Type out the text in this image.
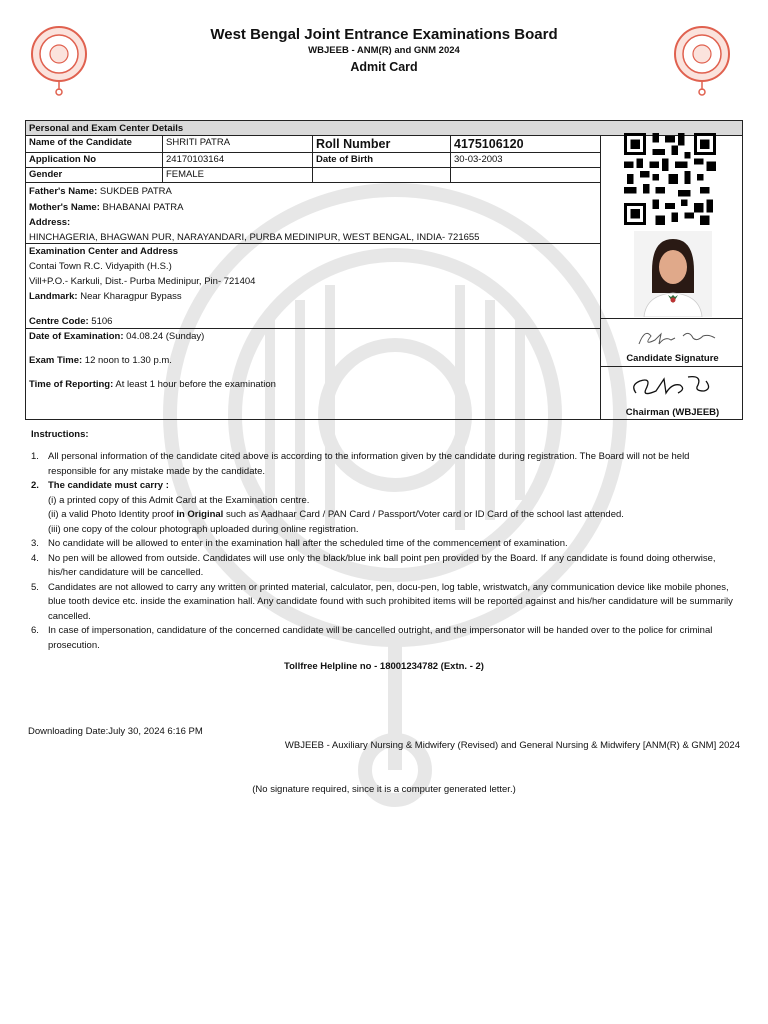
West Bengal Joint Entrance Examinations Board
WBJEEB - ANM(R) and GNM 2024
Admit Card
Personal and Exam Center Details
Name of the Candidate	SHRITI PATRA	Roll Number	4175106120
Application No	24170103164	Date of Birth	30-03-2003
Gender	FEMALE
Father's Name: SUKDEB PATRA
Mother's Name: BHABANAI PATRA
Address:
HINCHAGERIA, BHAGWAN PUR, NARAYANDARI, PURBA MEDINIPUR, WEST BENGAL, INDIA- 721655
Examination Center and Address
Contai Town R.C. Vidyapith (H.S.)
Vill+P.O.- Karkuli, Dist.- Purba Medinipur, Pin- 721404
Landmark: Near Kharagpur Bypass
Centre Code: 5106
Date of Examination: 04.08.24 (Sunday)
Exam Time: 12 noon to 1.30 p.m.
Time of Reporting: At least 1 hour before the examination
Candidate Signature
Chairman (WBJEEB)
Instructions:
1. All personal information of the candidate cited above is according to the information given by the candidate during registration. The Board will not be held responsible for any mistake made by the candidate.
2. The candidate must carry :
(i) a printed copy of this Admit Card at the Examination centre.
(ii) a valid Photo Identity proof in Original such as Aadhaar Card / PAN Card / Passport/Voter card or ID Card of the school last attended.
(iii) one copy of the colour photograph uploaded during online registration.
3. No candidate will be allowed to enter in the examination hall after the scheduled time of the commencement of examination.
4. No pen will be allowed from outside. Candidates will use only the black/blue ink ball point pen provided by the Board. If any candidate is found doing otherwise, his/her candidature will be cancelled.
5. Candidates are not allowed to carry any written or printed material, calculator, pen, docu-pen, log table, wristwatch, any communication device like mobile phones, blue tooth device etc. inside the examination hall. Any candidate found with such prohibited items will be reported against and his/her candidature will be summarily cancelled.
6. In case of impersonation, candidature of the concerned candidate will be cancelled outright, and the impersonator will be handed over to the police for criminal prosecution.
Tollfree Helpline no - 18001234782 (Extn. - 2)
Downloading Date:July 30, 2024 6:16 PM
WBJEEB - Auxiliary Nursing & Midwifery (Revised) and General Nursing & Midwifery [ANM(R) & GNM] 2024
(No signature required, since it is a computer generated letter.)
